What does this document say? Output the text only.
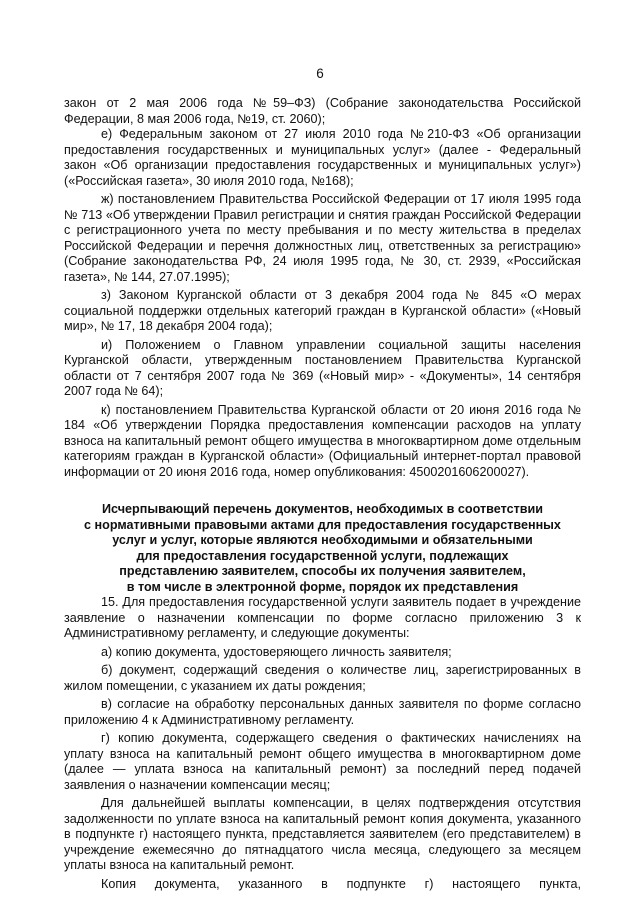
6

закон от 2 мая 2006 года №59–ФЗ) (Собрание законодательства Российской Федерации, 8 мая 2006 года, №19, ст. 2060);

е) Федеральным законом от 27 июля 2010 года №210-ФЗ «Об организации предоставления государственных и муниципальных услуг» (далее - Федеральный закон «Об организации предоставления государственных и муниципальных услуг») («Российская газета», 30 июля 2010 года, №168);

ж) постановлением Правительства Российской Федерации от 17 июля 1995 года № 713 «Об утверждении Правил регистрации и снятия граждан Российской Федерации с регистрационного учета по месту пребывания и по месту жительства в пределах Российской Федерации и перечня должностных лиц, ответственных за регистрацию» (Собрание законодательства РФ, 24 июля 1995 года, № 30, ст. 2939, «Российская газета», № 144, 27.07.1995);

з) Законом Курганской области от 3 декабря 2004 года № 845 «О мерах социальной поддержки отдельных категорий граждан в Курганской области» («Новый мир», № 17, 18 декабря 2004 года);

и) Положением о Главном управлении социальной защиты населения Курганской области, утвержденным постановлением Правительства Курганской области от 7 сентября 2007 года № 369 («Новый мир» - «Документы», 14 сентября 2007 года № 64);

к) постановлением Правительства Курганской области от 20 июня 2016 года № 184 «Об утверждении Порядка предоставления компенсации расходов на уплату взноса на капитальный ремонт общего имущества в многоквартирном доме отдельным категориям граждан в Курганской области» (Официальный интернет-портал правовой информации от 20 июня 2016 года, номер опубликования: 4500201606200027).

Исчерпывающий перечень документов, необходимых в соответствии
с нормативными правовыми актами для предоставления государственных
услуг и услуг, которые являются необходимыми и обязательными
для предоставления государственной услуги, подлежащих
представлению заявителем, способы их получения заявителем,
в том числе в электронной форме, порядок их представления

15. Для предоставления государственной услуги заявитель подает в учреждение заявление о назначении компенсации по форме согласно приложению 3 к Административному регламенту, и следующие документы:

а) копию документа, удостоверяющего личность заявителя;

б) документ, содержащий сведения о количестве лиц, зарегистрированных в жилом помещении, с указанием их даты рождения;

в) согласие на обработку персональных данных заявителя по форме согласно приложению 4 к Административному регламенту.

г) копию документа, содержащего сведения о фактических начислениях на уплату взноса на капитальный ремонт общего имущества в многоквартирном доме (далее — уплата взноса на капитальный ремонт) за последний перед подачей заявления о назначении компенсации месяц;

Для дальнейшей выплаты компенсации, в целях подтверждения отсутствия задолженности по уплате взноса на капитальный ремонт копия документа, указанного в подпункте г) настоящего пункта, представляется заявителем (его представителем) в учреждение ежемесячно до пятнадцатого числа месяца, следующего за месяцем уплаты взноса на капитальный ремонт.

Копия документа, указанного в подпункте г) настоящего пункта,
